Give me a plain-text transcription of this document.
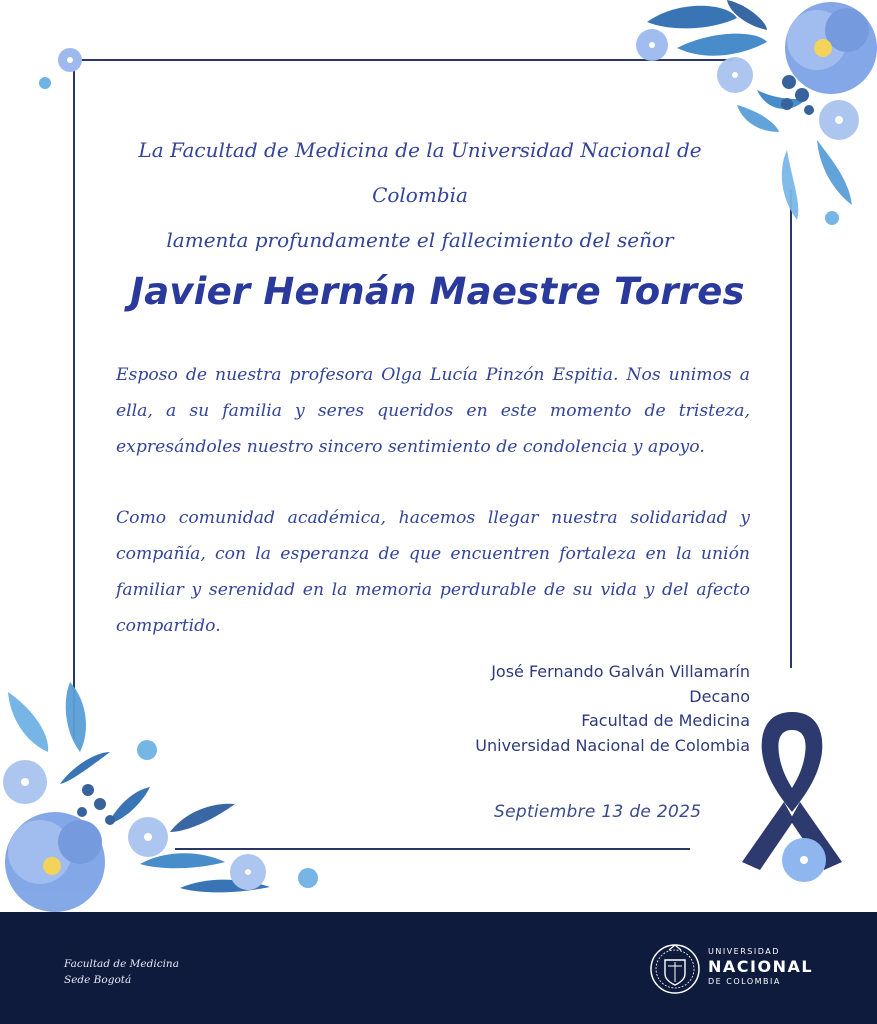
La Facultad de Medicina de la Universidad Nacional de Colombia
lamenta profundamente el fallecimiento del señor
Javier Hernán Maestre Torres
Esposo de nuestra profesora Olga Lucía Pinzón Espitia. Nos unimos a ella, a su familia y seres queridos en este momento de tristeza, expresándoles nuestro sincero sentimiento de condolencia y apoyo.
Como comunidad académica, hacemos llegar nuestra solidaridad y compañía, con la esperanza de que encuentren fortaleza en la unión familiar y serenidad en la memoria perdurable de su vida y del afecto compartido.
José Fernando Galván Villamarín
Decano
Facultad de Medicina
Universidad Nacional de Colombia
Septiembre 13 de 2025
Facultad de Medicina
Sede Bogotá
UNIVERSIDAD
NACIONAL
DE COLOMBIA
